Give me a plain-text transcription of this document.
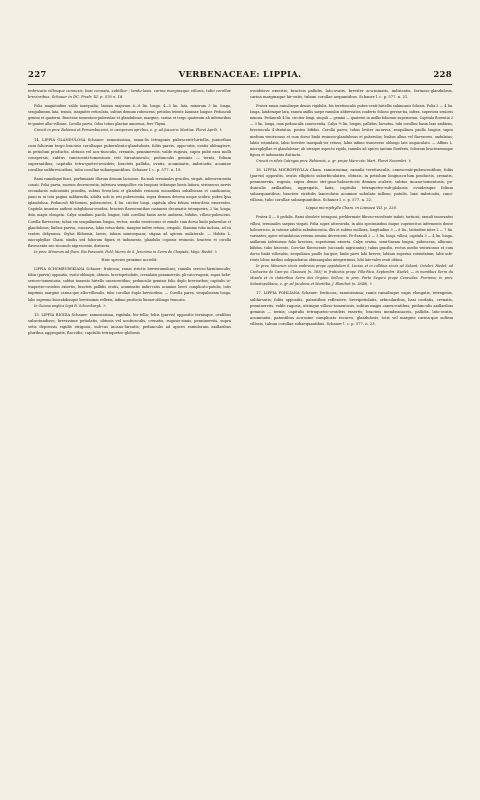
227	VERBENACEAE: LIPPIA.	228

imbricatis villosque connexis, basi connata, subtilior ; landu-losis. carina marginaque villosis, tubo corollae brevioribus. Schauer in DC. Prodr. XI. p. 576 n. 18.

Folia magnitudine valde inaequalia; lamina majorum 6—8 lin. longa, 4—5 lin. lata, minorum 3 lin. longa, sesquilineam lata, tenuis, insigniter reticulata, subtus demum rubescens; petiolus triente laminae longior. Pedunculi gemini et quaterni. Bracteae tomentoso-puberulae et glandulosae, margine, carina et tergo quaterum ab inferioribus te-gunter albo-villosae. Corolla parva. Odoo totius plantae amoenus, fere Thymi.

Crescit in prov. Bahiensi et Pernambucensi, in camporum apri-bus, e. g. ad Joazeiro: Martius. Floret Aprili. ♄

14. LIPPIA GLANDULOSA Schauer: ramosissima; ramu-lis tetragonis pubescenti-hirtellis, junioribus cum foliorum tergo bracteis corollaque puberulento-glandulosis; foliis parvis, oppo-sitis, ovatis oblongisve, in petiolum productis, obtusis vel acu-tiusculis, crenatis, penninerviis, valde rugosis, supra pube rara molli conspersis, subtus canescenti-tomentosis reti hirsutiusculo; pedunculis geminis — ternis, folium superantibus; capitulis tetra-quetro-ovoideis; bracteis pallidis, ovatis, acuminatis, imbricatis, acumine corollae subbrevioribus, tubo corollae subaequantibus. Schauer l. c. p. 577. n. 19.

Rami ramulique fusci, perfirmante illorum demum laciniose. Ra-muli terminales graciles, virgati, inferorescentia conati. Folia parva, suorum decrescentia, inferiora semipollice vix longiora tribusque lineis latiora, utrinsecus nervis secundariis subcostatis praedita, subtus fovea-lata et glandulis resinosis micantibus subalbicans et candicantia; junio-ra in tota pagina subhirsutla, adulta solo in reti pubescentia, supra demum detersa neque scabra; pubes lpsa iglandulosa. Pedunculi fili-formes, pubescentes, 4 lin. circiter longi, capitula ultra folium exten-dens exserentes. Capitula insuntes anthesi subglobosa-ovoidea, bracteis flavescentibus castaneis decussatis tetraquetra, 2 lin. longa; dein magis elongata. Calyx semilimo pantlo longior, tubi corollini basin arcte ambiens, bifidus, villoso-pubescens. Corolla flavescens; tubus vix sesquilineam longus, rectus, medio ventricosus et exinde cum dorso limbi puberulus et glandulosus; limbus parvus, concavus, labio rotun-datis, margine imbre retuso, crispulo. Stamina tubo inclusa, ad ea ventris debyssnsa. Stylus filiformis, laevis, tubum semisequans; stigma ad apicem unilaterale. — Habitu L. microphyllae Cham. similis sed foliorum figura et indumento, glandulis copiosis resinosis, bracteis et corolla flavescente nec siccando nigrescente, distincta.

In prov. Minarum ad fluen. Rio Paracatú: Pohl; Morro de S. Jeronimo in Serra de Chapada, Majo: Riedel. ♄

Huic species proxime accedit:

LIPPIA SCHOMBURGKIANA Schauer: fruticosa; ramis strictis brevivrumulosis; ramulis sericeo-hirsutiusculis; foliis (parvis) oppositis, ovato-oblongis, obtusis, breviopetiolatis, crenulatis penninerviis, pli-cato-rugosis, supra hebe-sericeo-tomentosis, subtus tomento hirtello canescentibus; pedunculis geminis folio duplo brevioribus; capitulis te-traquetro-ovoideis exsertis; bracteis pallidis ovatis, acuminatis imbri-catis acumine brevi complicato-patulis, totis imprimis margine carina-que albo-villosulis, tubo corollae duplo brevioribus. — Corolla parva, sesquilineam longa, labo supremo latorabibusque brevissimis reflexis, infimo producto lineari-oblongo truncato.

In Guiana anglica legit R. Schomburgk. ♄

15. LIPPIA RIGIDA Schauer: ramosissima, rigidula, hir-tella; foliis (parvis) oppositis ternisque, ovalibus subrotundisve, brevissime petiolatis, obtusis vel acutiusculis, crenatis, rugosis-simis, penninerviis, supra setis depressis rigidis strigosis, sub-tus incano-hirsutis; pedunculis ad apices ramulorum axillaribus pluribus aggregatis, flaccidis; capitulis tetraquetro-globosis

ovoideisve exsertis; bracteis pallidis, lato-ovatis, breviter acu-minatis, imbricatis, farinoso-glandulosis, carina marginaque hir-sutis, tubum corollae aequantibus. Schauer l. c. p. 577. n. 21.

Frutex ramis ramulisque densis rigidulis, his teretiusculis pubes-centi-hirtellis subincanis foliosis. Folia 3 — 4 lin. longa, latidemque lata, ramea axillis saepe ramulos abbreviatos conferto folioso gerens-tia, infera, superiora senioris minora. Pedunculi 4 lin. circiter longi, singuli — gemini — quaterni in axillis foliorum superiorum. Capitula florentia 2 — 3 lin. longa, cum pedunculis canescentia. Calyx ½ lin. longus, pallidus, hirsutus, tubi corollini basin laxe ambiens, breviusculo 4-dentatus, postea bifidus. Corolla parva; tubus leviter incurvus, sesquilinea paullo longior, supra medium ventricosus et cum dorso limbi resinoso-glandulosus et puberulus; limbus albus vel flavescens, undulatus; labiis rotundatis, labio breviter inaequali-ter retuso, labio infimo transverse oblongo late unguiculato. — Affinis L. microphyllae et glandulosae; ab utraque aspectu rigido, ramulis ad apices tantum floriferis, foliorum bracteaeumque figura et indumento distincta.

Crescit in silvis Catingas prov. Bahiensis, e. gr. prope Mara-cás: Mart. Floret Novembri. ♄

16. LIPPIA MICROPHYLLA Cham. ramosissima; ramulis teretiusculis, canescenti-pubescentibus; foliis (parvis) oppositis, ovatis ellipticis suborbiculativo, obtusis, in petiolum longiuscu-lum productis, crenatis, penninerviis, rugosis, supra dense stri-goso-holosericeis demum scabris, subtus incano-tomentosis, pe-dunculis axillaribus, aggregatis, laxis; capitulis tetraquetro-sub-globosis ovoideisque folium subaequantibus; bracteis viridulis lanceolatis acumine subulato inflexo; patulis, laxe imbricatis, cano-villosis, tubo corollae subaequantibus. Schauer l. c. p. 577. n. 22.

Lippia microphylla Cham. in Linnaea VII. p. 226.

Frutex 4 — 6 pedalis. Rami obsolete tetragoni, perldermate fibroso-escedente induti, tortuosi; ramuli innovantes villosi, terminales saepius virgati. Folia supra attrovirida, in aliis speciminibus itaque cuprisecitus inferments dense holosericeo, in ratione adultis subnitiscentia, illis et subtus molliora, longitudine 3 — 8 lin., latitudine inter 2 — 7 lin. variantes; apice rotundatous versum sensim decrescent. Pe-dunculi 2 — 3 lin. longi, villosi; capitula 3 — 4 lin. longa, axillarum inferiorum folio breviora, superiorum exserta. Calyx ovatus, semi-lineam longus, pubescens, albicans, bifidus, tubo hiscente. Coro-lae flavescente (siccando nigricantis); tubus gracilis, rectus medio ventricosus et cum dorso limbi villosulus, sesquilinea paullo lon-gior; limbi parvi labi breves; labium superius rotundatum; labii infe-rioris lobus medius subquadratus obtusangulus integerrimus; lobi late-rales ovati obtusi.

In prov. Minarum siccis umbrosis prope oppidulum S. Luciae et in collibus siccis ad Sabará, Octobri: Riedel; ad Cachoeira do Cam-po: Claussen (n. 383); in fruticetis prope Villa-Rica, Septembri: Riedel; — in montibus Serra da Moeda et in clatioribus Serra dos Orgãos: Sellow; in prov. Porto Seguro prope Caravelas: Freireiss; in prov. Sebastopolitana, e. gr. ad Jacobina et Moritiba: J. Blanchet (n. 3648). ♄

17. LIPPIA POHLIANA Schauer: fruticosa, ramosissima; ramis ramulisque vagis elongatis, tetragonis, subhirsutis; foliis oppositis, patentibus reflexisve, brevipetiolatis, orbicularibus, basi cordatis, crenatis, penninerviis, valde rugosis, utrinque villoso-tomentosis, subtus magis canescentibus; pedunculis axillaribus geminis — ternis; capitulis tetraquetro-ovoideis exsertis; bracteis membranaceis, pallidis, lato-ovatis, acuminatis, patentibus acu-mine complicato recurvo, glandulosis, totis vel margine carina-que sultem villosis, tubum corollae subaequantibus. Schauer l. c. p. 577. n. 23.
